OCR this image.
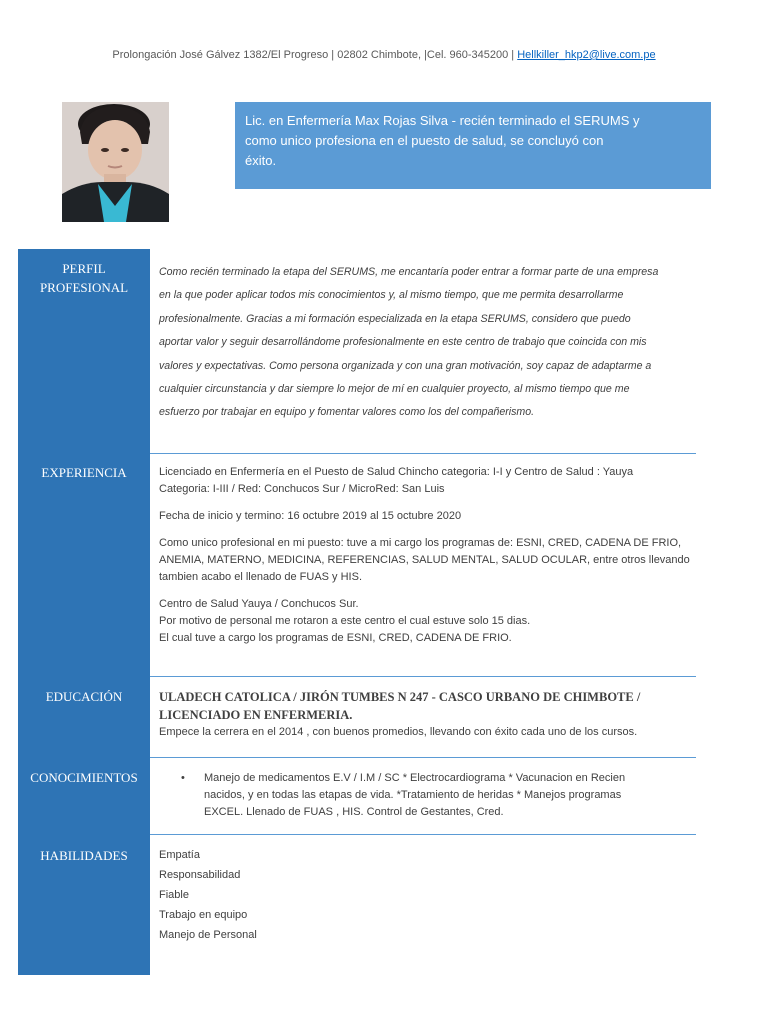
Prolongación José Gálvez 1382/El Progreso | 02802 Chimbote, |Cel. 960-345200 | Hellkiller_hkp2@live.com.pe
Lic. en Enfermería Max Rojas Silva - recién terminado el SERUMS y
como unico profesiona en el puesto de salud, se concluyó con
éxito.
PERFIL
PROFESIONAL
EXPERIENCIA
EDUCACIÓN
CONOCIMIENTOS
HABILIDADES
Como recién terminado la etapa del SERUMS, me encantaría poder entrar a formar parte de una empresa
en la que poder aplicar todos mis conocimientos y, al mismo tiempo, que me permita desarrollarme
profesionalmente. Gracias a mi formación especializada en la etapa SERUMS, considero que puedo
aportar valor y seguir desarrollándome profesionalmente en este centro de trabajo que coincida con mis
valores y expectativas. Como persona organizada y con una gran motivación, soy capaz de adaptarme a
cualquier circunstancia y dar siempre lo mejor de mí en cualquier proyecto, al mismo tiempo que me
esfuerzo por trabajar en equipo y fomentar valores como los del compañerismo.
Licenciado en Enfermería en el Puesto de Salud Chincho categoria: I-I y Centro de Salud : Yauya
Categoria: I-III / Red: Conchucos Sur / MicroRed: San Luis
Fecha de inicio y termino: 16 octubre 2019 al 15 octubre 2020
Como unico profesional en mi puesto: tuve a mi cargo los programas de: ESNI, CRED, CADENA DE FRIO,
ANEMIA, MATERNO, MEDICINA, REFERENCIAS, SALUD MENTAL, SALUD OCULAR, entre otros llevando
tambien acabo el llenado de FUAS y HIS.
Centro de Salud Yauya / Conchucos Sur.
Por motivo de personal me rotaron a este centro el cual estuve solo 15 dias.
El cual tuve a cargo los programas de ESNI, CRED, CADENA DE FRIO.
ULADECH CATOLICA / JIRÓN TUMBES N 247 - CASCO URBANO DE CHIMBOTE /
LICENCIADO EN ENFERMERIA.
Empece la cerrera en el 2014 , con buenos promedios, llevando con éxito cada uno de los cursos.
• Manejo de medicamentos E.V / I.M / SC * Electrocardiograma * Vacunacion en Recien
nacidos, y en todas las etapas de vida. *Tratamiento de heridas * Manejos programas
EXCEL. Llenado de FUAS , HIS. Control de Gestantes, Cred.
Empatía
Responsabilidad
Fiable
Trabajo en equipo
Manejo de Personal
